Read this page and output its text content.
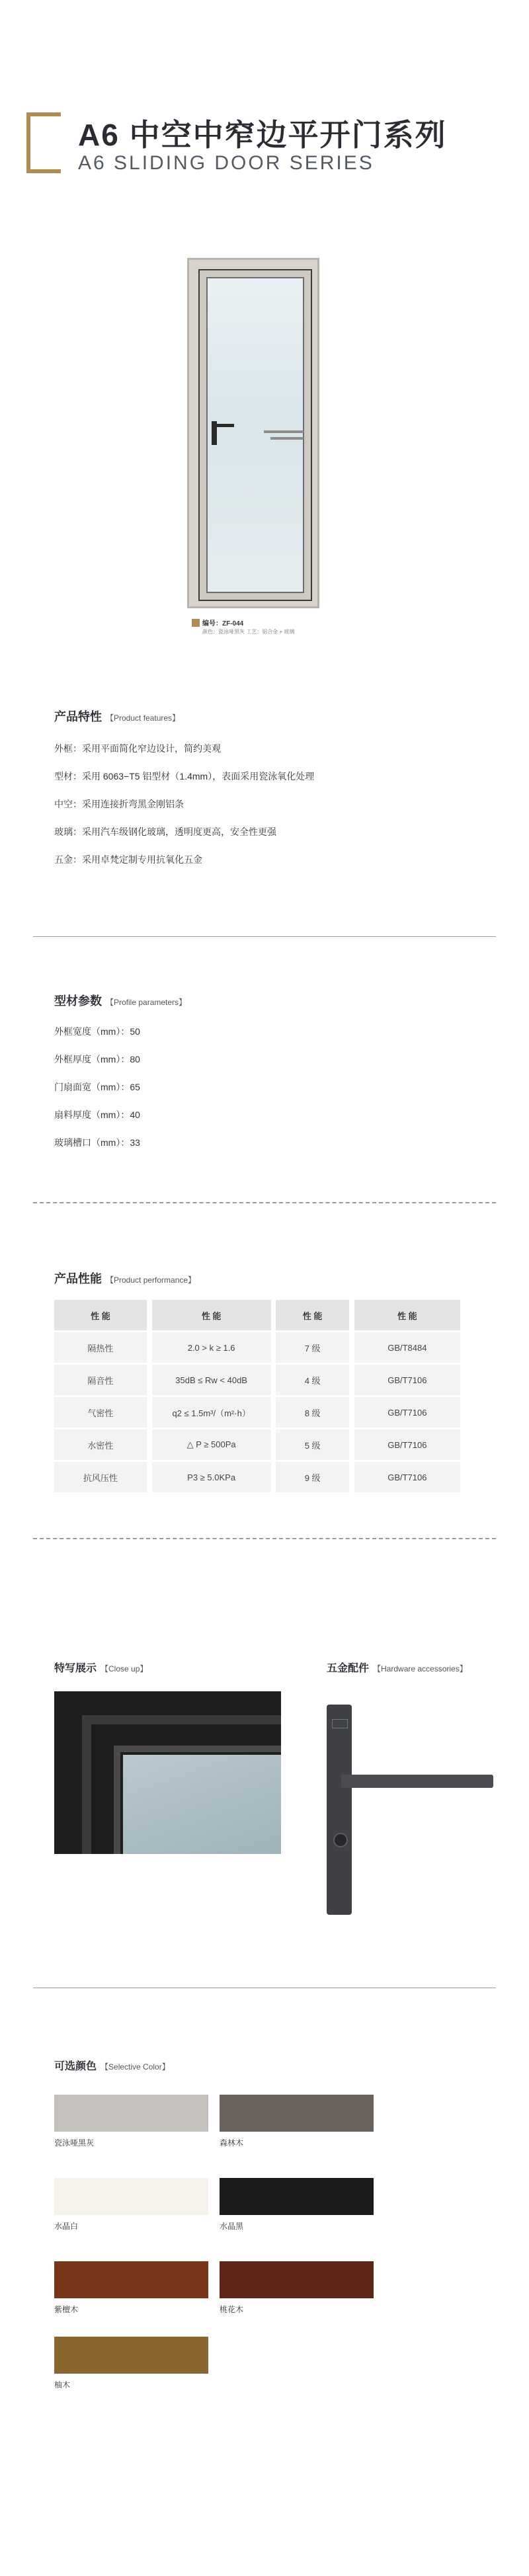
A6 中空中窄边平开门系列
A6 SLIDING DOOR SERIES
编号：ZF-044
颜色：瓷泳哑黑灰 工艺：铝合金 + 玻璃
产品特性 【Product features】
外框：采用平面简化窄边设计，简约美观
型材：采用 6063−T5 铝型材（1.4mm），表面采用瓷泳氧化处理
中空：采用连接折弯黑金刚铝条
玻璃：采用汽车级钢化玻璃，透明度更高，安全性更强
五金：采用卓梵定制专用抗氧化五金
型材参数 【Profile parameters】
外框宽度（mm）：50
外框厚度（mm）：80
门扇面宽（mm）：65
扇料厚度（mm）：40
玻璃槽口（mm）：33
产品性能 【Product performance】
性 能		性 能		性 能		性 能
隔热性		2.0 > k ≥ 1.6		7 级		GB/T8484
隔音性		35dB ≤ Rw < 40dB		4 级		GB/T7106
气密性		q2 ≤ 1.5m³/（m²·h）		8 级		GB/T7106
水密性		△ P ≥ 500Pa		5 级		GB/T7106
抗风压性		P3 ≥ 5.0KPa		9 级		GB/T7106
特写展示 【Close up】	五金配件 【Hardware accessories】
可选颜色 【Selective Color】
瓷泳哑黑灰	森林木
水晶白	水晶黑
紫檀木	桃花木
柚木
